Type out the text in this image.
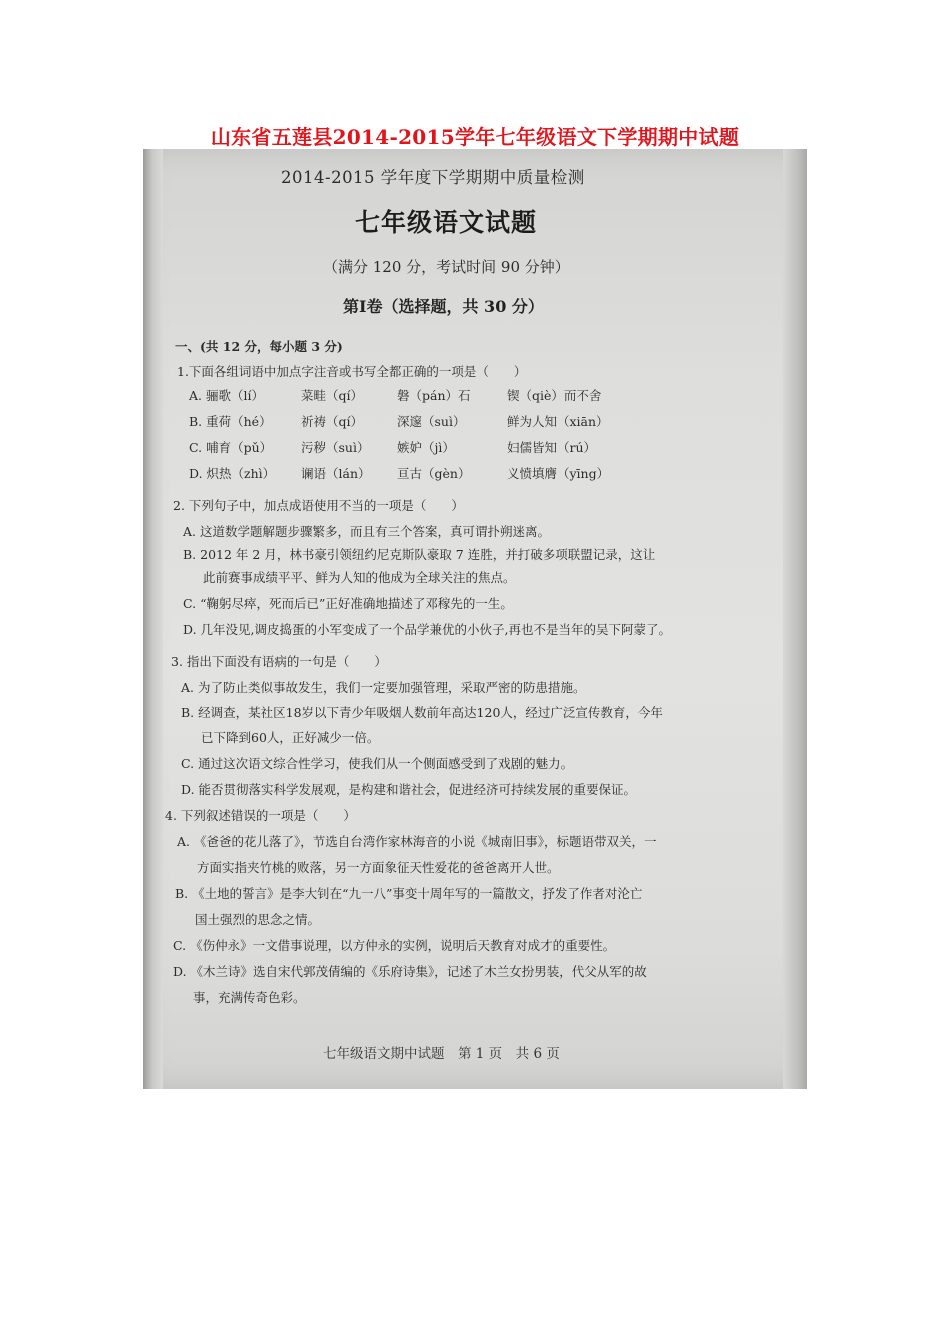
山东省五莲县2014-2015学年七年级语文下学期期中试题
2014-2015 学年度下学期期中质量检测
七年级语文试题
（满分 120 分，考试时间 90 分钟）
第Ⅰ卷（选择题，共 30 分）
一、(共 12 分，每小题 3 分)
1.下面各组词语中加点字注音或书写全都正确的一项是（　　）
A. 骊歌（lí）	菜畦（qí）	磐（pán）石	锲（qiè）而不舍
B. 重荷（hé） 祈祷（qí）	深邃（suì）	鲜为人知（xiān）
C. 哺育（pǔ） 污秽（suì） 嫉妒（jì）	妇儒皆知（rú）
D. 炽热（zhì） 谰语（lán） 亘古（gèn）	义愤填膺（yīng）
2. 下列句子中，加点成语使用不当的一项是（　　）
A. 这道数学题解题步骤繁多，而且有三个答案，真可谓扑朔迷离。
B. 2012 年 2 月，林书豪引领纽约尼克斯队豪取 7 连胜，并打破多项联盟记录，这让
此前赛事成绩平平、鲜为人知的他成为全球关注的焦点。
C. “鞠躬尽瘁，死而后已”正好准确地描述了邓稼先的一生。
D. 几年没见,调皮捣蛋的小军变成了一个品学兼优的小伙子,再也不是当年的吴下阿蒙了。
3. 指出下面没有语病的一句是（　　）
A. 为了防止类似事故发生，我们一定要加强管理，采取严密的防患措施。
B. 经调查，某社区18岁以下青少年吸烟人数前年高达120人，经过广泛宣传教育，今年
已下降到60人，正好减少一倍。
C. 通过这次语文综合性学习，使我们从一个侧面感受到了戏剧的魅力。
D. 能否贯彻落实科学发展观，是构建和谐社会，促进经济可持续发展的重要保证。
4. 下列叙述错误的一项是（　　）
A. 《爸爸的花儿落了》，节选自台湾作家林海音的小说《城南旧事》，标题语带双关，一
方面实指夹竹桃的败落，另一方面象征天性爱花的爸爸离开人世。
B. 《土地的誓言》是李大钊在“九一八”事变十周年写的一篇散文，抒发了作者对沦亡
国土强烈的思念之情。
C. 《伤仲永》一文借事说理，以方仲永的实例，说明后天教育对成才的重要性。
D. 《木兰诗》选自宋代郭茂倩编的《乐府诗集》，记述了木兰女扮男装，代父从军的故
事，充满传奇色彩。
七年级语文期中试题　第 1 页　共 6 页
